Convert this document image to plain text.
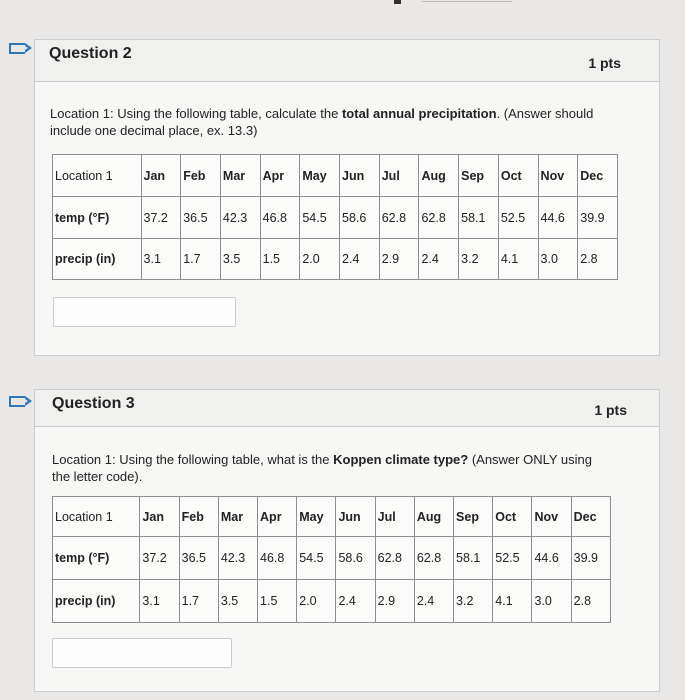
Question 2
1 pts
Location 1: Using the following table, calculate the total annual precipitation. (Answer should include one decimal place, ex. 13.3)
Location 1	Jan	Feb	Mar	Apr	May	Jun	Jul	Aug	Sep	Oct	Nov	Dec
temp (°F)	37.2	36.5	42.3	46.8	54.5	58.6	62.8	62.8	58.1	52.5	44.6	39.9
precip (in)	3.1	1.7	3.5	1.5	2.0	2.4	2.9	2.4	3.2	4.1	3.0	2.8
Question 3	1 pts
Location 1: Using the following table, what is the Koppen climate type? (Answer ONLY using the letter code).
Location 1	Jan	Feb	Mar	Apr	May	Jun	Jul	Aug	Sep	Oct	Nov	Dec
temp (°F)	37.2	36.5	42.3	46.8	54.5	58.6	62.8	62.8	58.1	52.5	44.6	39.9
precip (in)	3.1	1.7	3.5	1.5	2.0	2.4	2.9	2.4	3.2	4.1	3.0	2.8
